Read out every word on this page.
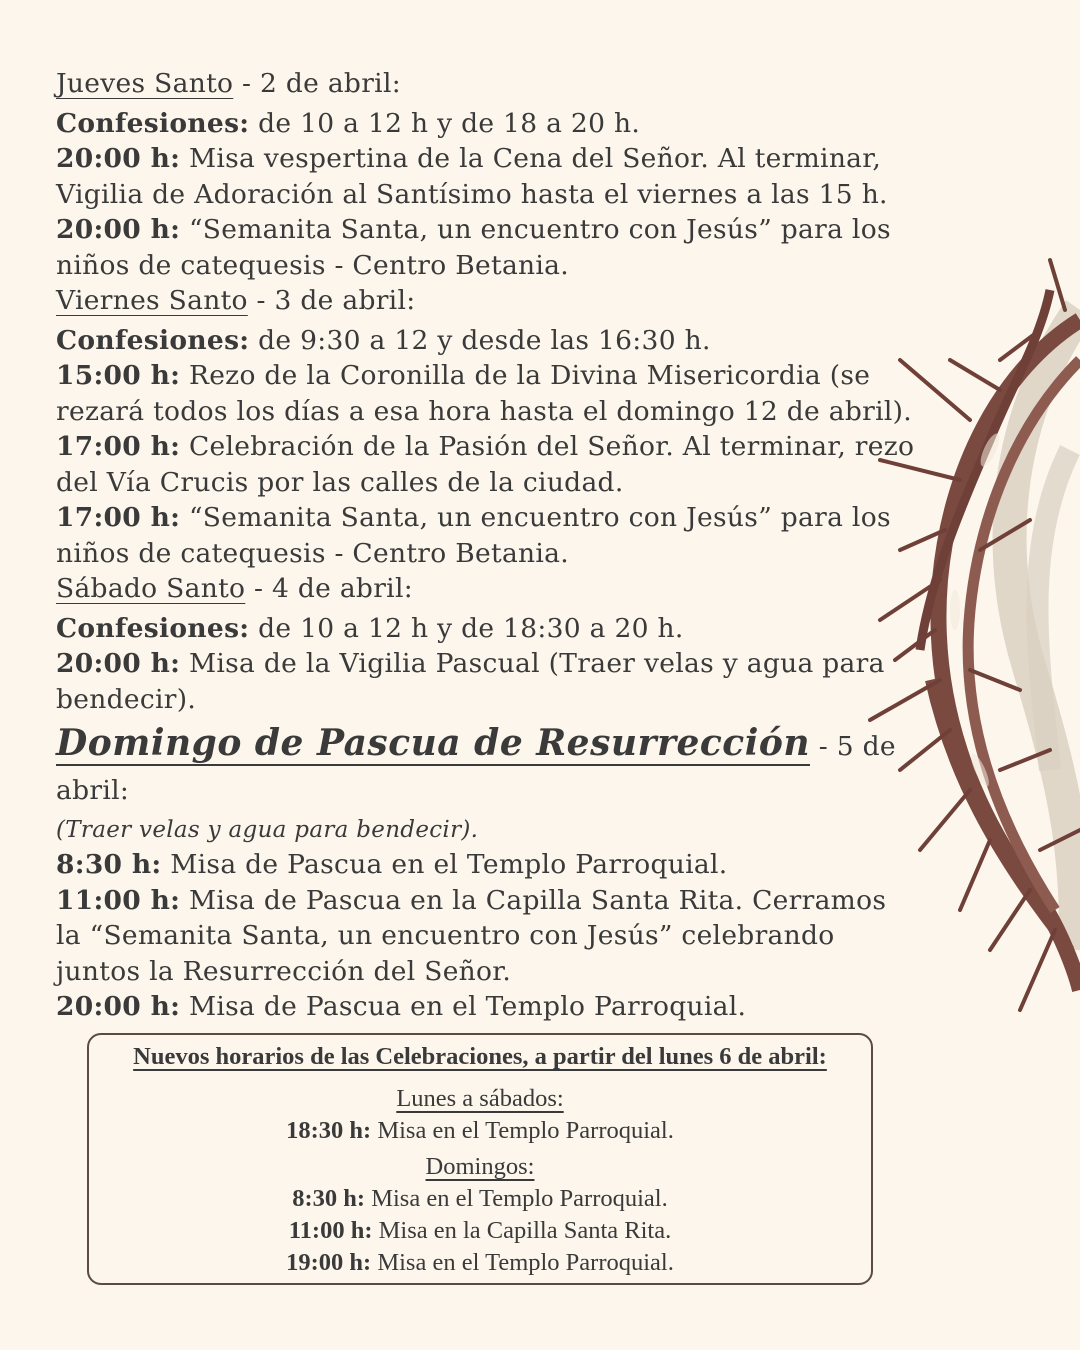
Jueves Santo - 2 de abril:
Confesiones: de 10 a 12 h y de 18 a 20 h.
20:00 h: Misa vespertina de la Cena del Señor. Al terminar, Vigilia de Adoración al Santísimo hasta el viernes a las 15 h.
20:00 h: “Semanita Santa, un encuentro con Jesús” para los niños de catequesis - Centro Betania.
Viernes Santo - 3 de abril:
Confesiones: de 9:30 a 12 y desde las 16:30 h.
15:00 h: Rezo de la Coronilla de la Divina Misericordia (se rezará todos los días a esa hora hasta el domingo 12 de abril).
17:00 h: Celebración de la Pasión del Señor. Al terminar, rezo del Vía Crucis por las calles de la ciudad.
17:00 h: “Semanita Santa, un encuentro con Jesús” para los niños de catequesis - Centro Betania.
Sábado Santo - 4 de abril:
Confesiones: de 10 a 12 h y de 18:30 a 20 h.
20:00 h: Misa de la Vigilia Pascual (Traer velas y agua para bendecir).
Domingo de Pascua de Resurrección - 5 de abril:
(Traer velas y agua para bendecir).
8:30 h: Misa de Pascua en el Templo Parroquial.
11:00 h: Misa de Pascua en la Capilla Santa Rita. Cerramos la “Semanita Santa, un encuentro con Jesús” celebrando juntos la Resurrección del Señor.
20:00 h: Misa de Pascua en el Templo Parroquial.
Nuevos horarios de las Celebraciones, a partir del lunes 6 de abril:
Lunes a sábados:
18:30 h: Misa en el Templo Parroquial.
Domingos:
8:30 h: Misa en el Templo Parroquial.
11:00 h: Misa en la Capilla Santa Rita.
19:00 h: Misa en el Templo Parroquial.
